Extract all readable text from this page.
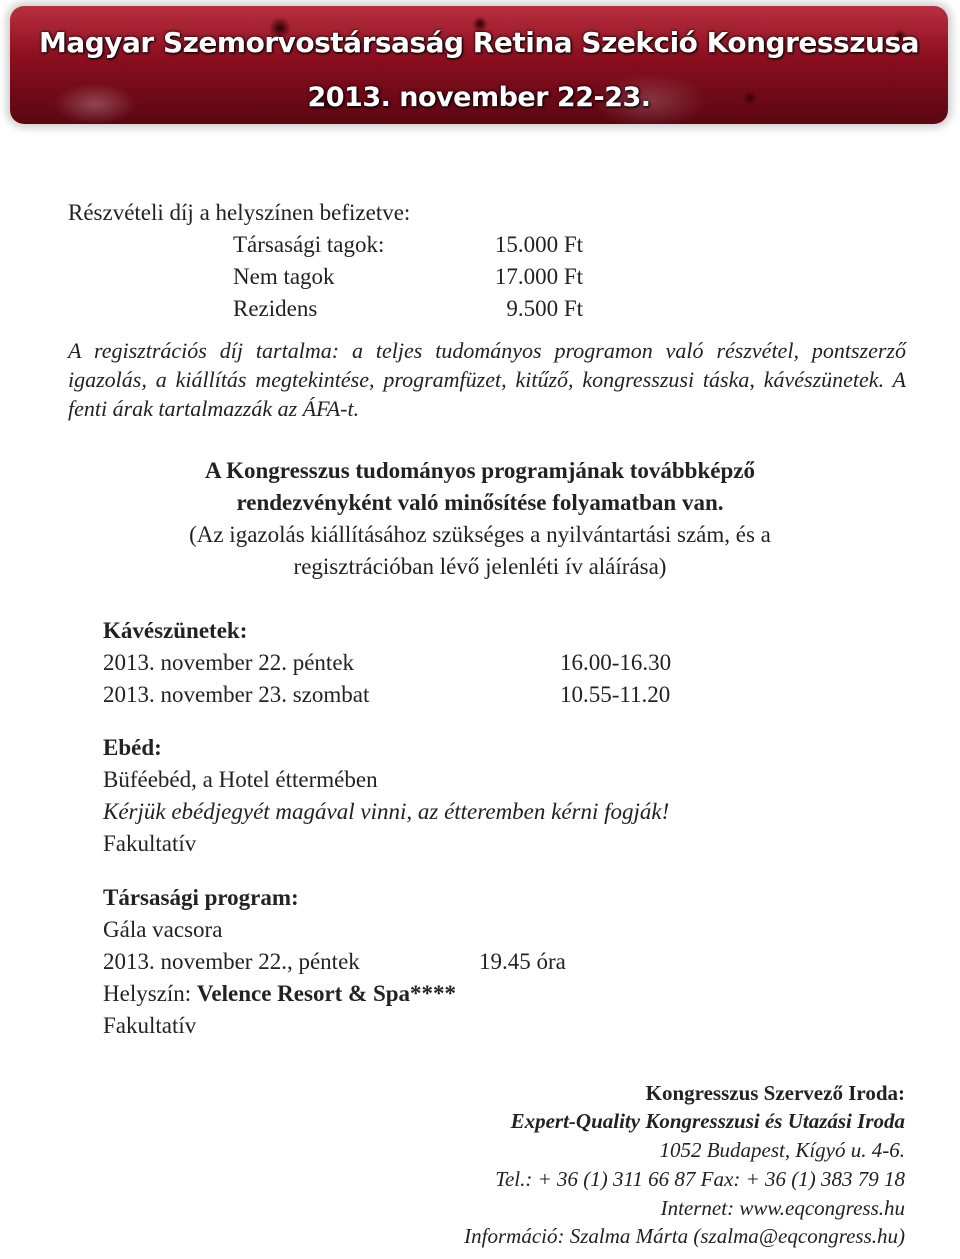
Magyar Szemorvostársaság Retina Szekció Kongresszusa
2013. november 22-23.
Részvételi díj a helyszínen befizetve:
Társasági tagok:	15.000 Ft
Nem tagok	17.000 Ft
Rezidens	9.500 Ft
A regisztrációs díj tartalma: a teljes tudományos programon való részvétel, pontszerző igazolás, a kiállítás megtekintése, programfüzet, kitűző, kongresszusi táska, kávészünetek. A fenti árak tartalmazzák az ÁFA-t.
A Kongresszus tudományos programjának továbbképző
rendezvényként való minősítése folyamatban van.
(Az igazolás kiállításához szükséges a nyilvántartási szám, és a
regisztrációban lévő jelenléti ív aláírása)
Kávészünetek:
2013. november 22. péntek	16.00-16.30
2013. november 23. szombat	10.55-11.20
Ebéd:
Büféebéd, a Hotel éttermében
Kérjük ebédjegyét magával vinni, az étteremben kérni fogják!
Fakultatív
Társasági program:
Gála vacsora
2013. november 22., péntek	19.45 óra
Helyszín: Velence Resort & Spa****
Fakultatív
Kongresszus Szervező Iroda:
Expert-Quality Kongresszusi és Utazási Iroda
1052 Budapest, Kígyó u. 4-6.
Tel.: + 36 (1) 311 66 87 Fax: + 36 (1) 383 79 18
Internet: www.eqcongress.hu
Információ: Szalma Márta (szalma@eqcongress.hu)
